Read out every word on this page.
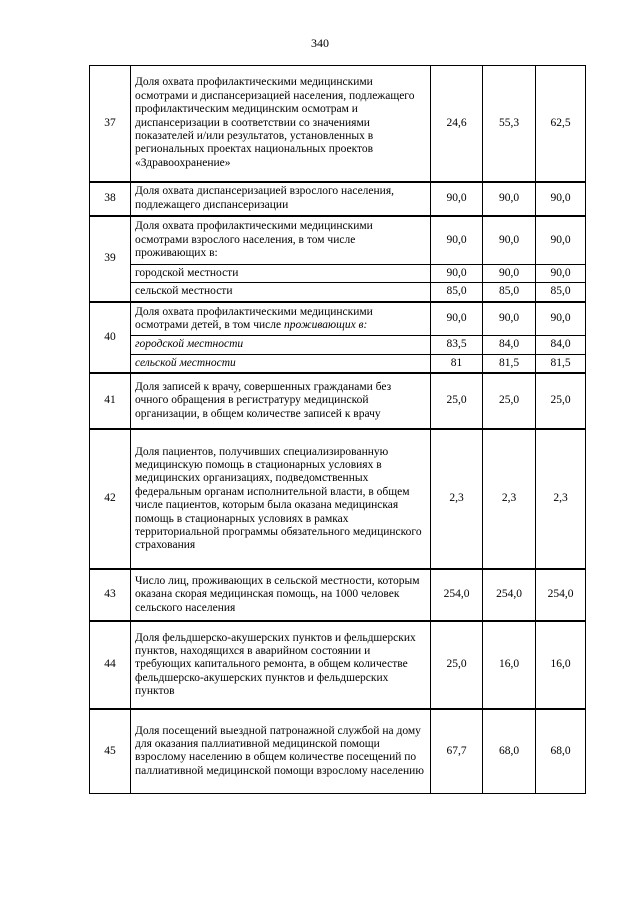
340
37	Доля охвата профилактическими медицинскими осмотрами и диспансеризацией населения, подлежащего профилактическим медицинским осмотрам и диспансеризации в соответствии со значениями показателей и/или результатов, установленных в региональных проектах национальных проектов «Здравоохранение»	24,6	55,3	62,5
38	Доля охвата диспансеризацией взрослого населения, подлежащего диспансеризации	90,0	90,0	90,0
39	Доля охвата профилактическими медицинскими осмотрами взрослого населения, в том числе проживающих в:	90,0	90,0	90,0
	городской местности	90,0	90,0	90,0
	сельской местности	85,0	85,0	85,0
40	Доля охвата профилактическими медицинскими осмотрами детей, в том числе проживающих в:	90,0	90,0	90,0
	городской местности	83,5	84,0	84,0
	сельской местности	81	81,5	81,5
41	Доля записей к врачу, совершенных гражданами без очного обращения в регистратуру медицинской организации, в общем количестве записей к врачу	25,0	25,0	25,0
42	Доля пациентов, получивших специализированную медицинскую помощь в стационарных условиях в медицинских организациях, подведомственных федеральным органам исполнительной власти, в общем числе пациентов, которым была оказана медицинская помощь в стационарных условиях в рамках территориальной программы обязательного медицинского страхования	2,3	2,3	2,3
43	Число лиц, проживающих в сельской местности, которым оказана скорая медицинская помощь, на 1000 человек сельского населения	254,0	254,0	254,0
44	Доля фельдшерско-акушерских пунктов и фельдшерских пунктов, находящихся в аварийном состоянии и требующих капитального ремонта, в общем количестве фельдшерско-акушерских пунктов и фельдшерских пунктов	25,0	16,0	16,0
45	Доля посещений выездной патронажной службой на дому для оказания паллиативной медицинской помощи взрослому населению в общем количестве посещений по паллиативной медицинской помощи взрослому населению	67,7	68,0	68,0
